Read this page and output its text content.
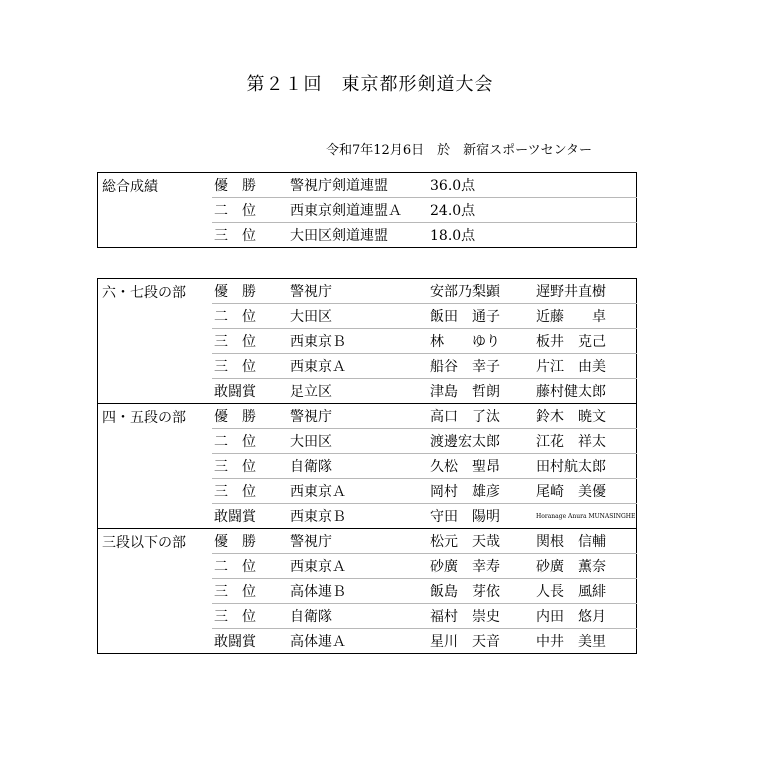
第２１回　東京都形剣道大会
令和7年12月6日　於　新宿スポーツセンター
総合成績	優　勝	警視庁剣道連盟	36.0点
	二　位	西東京剣道連盟Ａ	24.0点
	三　位	大田区剣道連盟	18.0点
六・七段の部	優　勝	警視庁	安部乃梨顕	遅野井直樹
	二　位	大田区	飯田　通子	近藤　　卓
	三　位	西東京Ｂ	林　　ゆり	板井　克己
	三　位	西東京Ａ	船谷　幸子	片江　由美
	敢闘賞	足立区	津島　哲朗	藤村健太郎
四・五段の部	優　勝	警視庁	高口　了汰	鈴木　暁文
	二　位	大田区	渡邊宏太郎	江花　祥太
	三　位	自衛隊	久松　聖昂	田村航太郎
	三　位	西東京Ａ	岡村　雄彦	尾崎　美優
	敢闘賞	西東京Ｂ	守田　陽明	Horanage Anura MUNASINGHE
三段以下の部	優　勝	警視庁	松元　天哉	関根　信輔
	二　位	西東京Ａ	砂廣　幸寿	砂廣　薫奈
	三　位	高体連Ｂ	飯島　芽依	人長　風緋
	三　位	自衛隊	福村　崇史	内田　悠月
	敢闘賞	高体連Ａ	星川　天音	中井　美里
